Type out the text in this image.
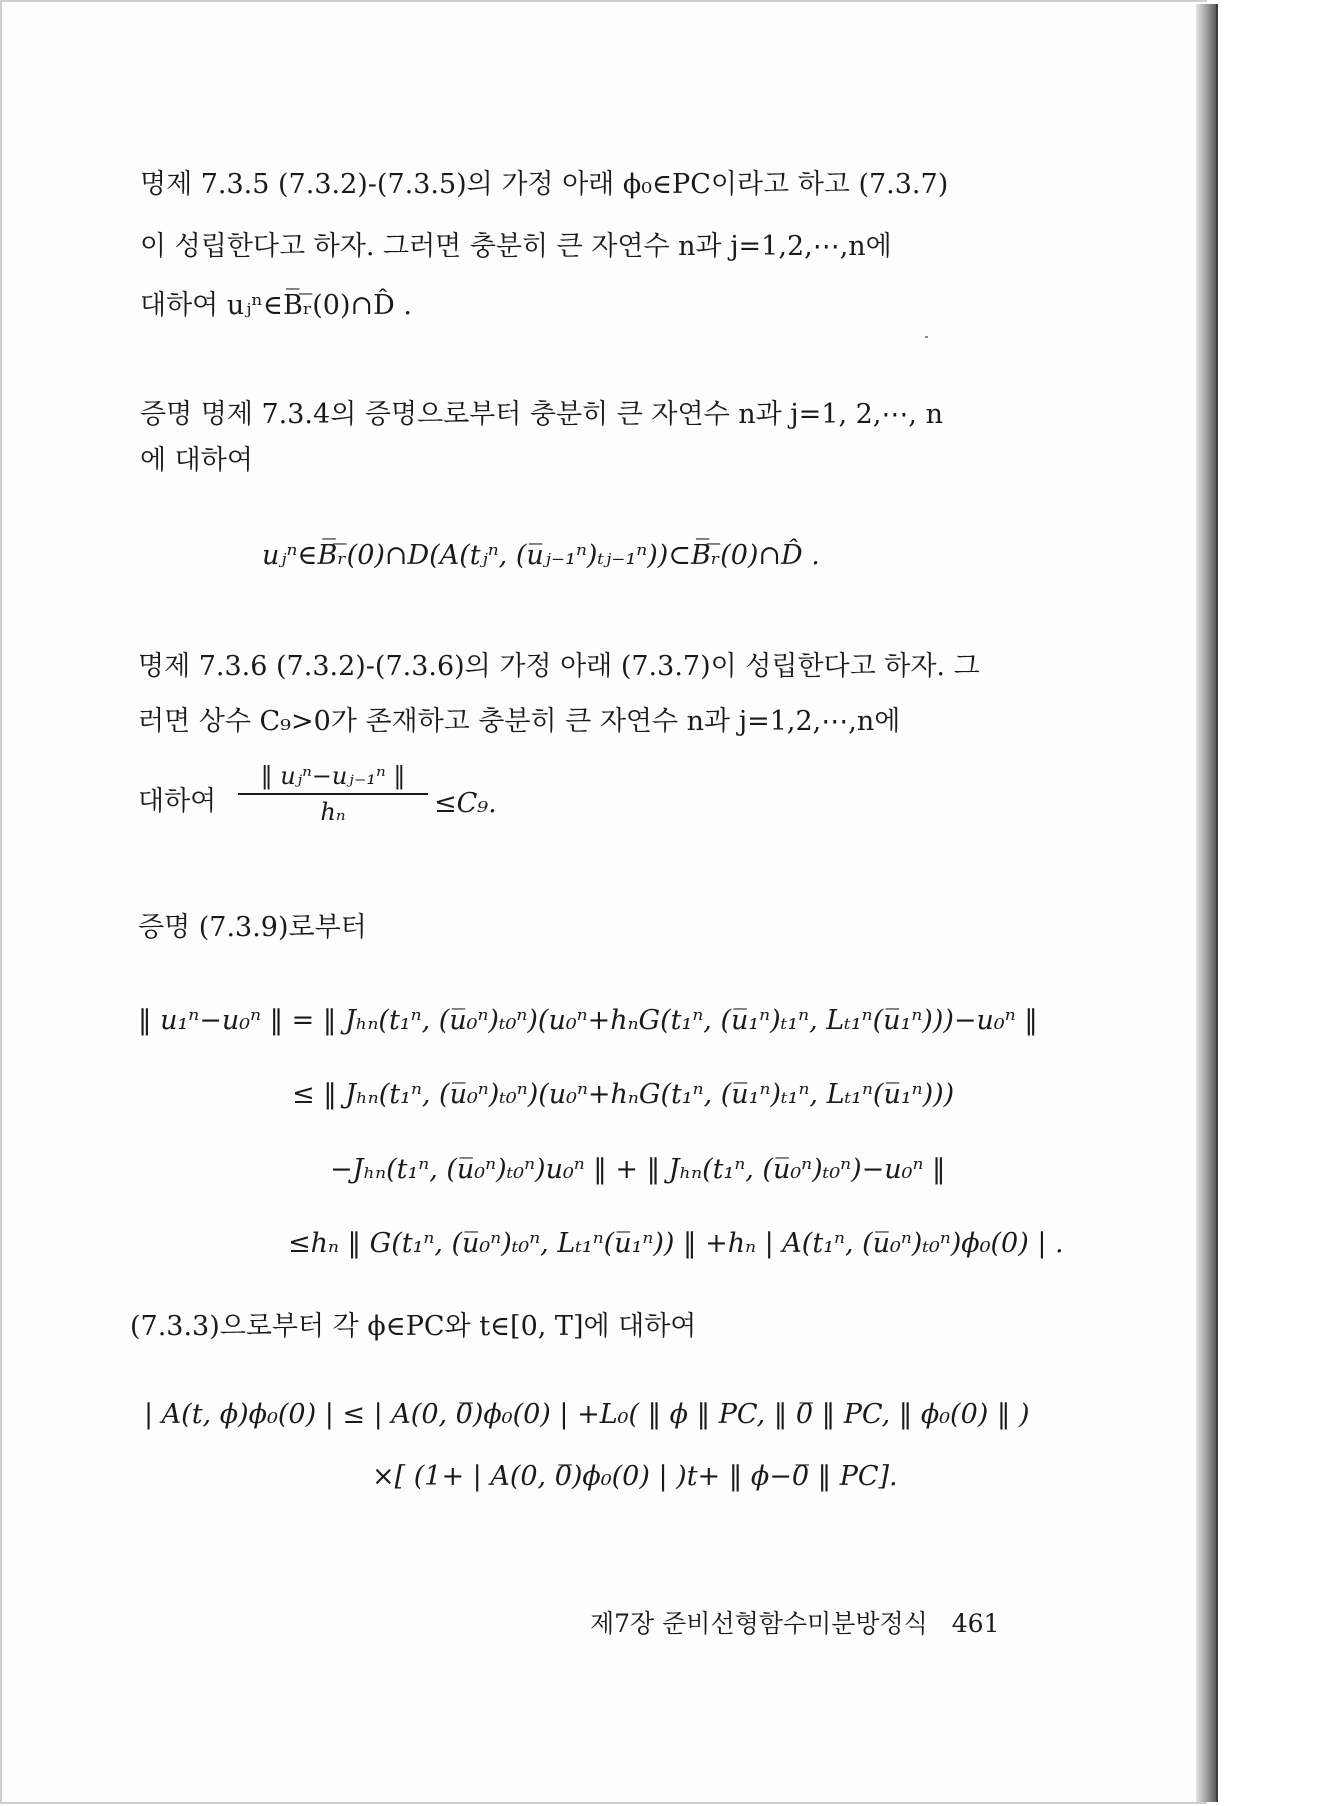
명제 7.3.5 (7.3.2)-(7.3.5)의 가정 아래 ϕ₀∈PC이라고 하고 (7.3.7)
이 성립한다고 하자. 그러면 충분히 큰 자연수 n과 j=1,2,⋯,n에
대하여 uⱼⁿ∈B̅ᵣ̅(0)∩D̂ .
증명 명제 7.3.4의 증명으로부터 충분히 큰 자연수 n과 j=1, 2,⋯, n
에 대하여
uⱼⁿ∈B̅ᵣ̅(0)∩D(A(tⱼⁿ, (u̅ⱼ₋₁ⁿ)ₜⱼ₋₁ⁿ))⊂B̅ᵣ̅(0)∩D̂ .
명제 7.3.6 (7.3.2)-(7.3.6)의 가정 아래 (7.3.7)이 성립한다고 하자. 그
러면 상수 C₉>0가 존재하고 충분히 큰 자연수 n과 j=1,2,⋯,n에
대하여
‖ uⱼⁿ−uⱼ₋₁ⁿ ‖
hₙ	≤C₉.
증명 (7.3.9)로부터
‖ u₁ⁿ−u₀ⁿ ‖ = ‖ Jₕₙ(t₁ⁿ, (u̅₀ⁿ)ₜ₀ⁿ)(u₀ⁿ+hₙG(t₁ⁿ, (u̅₁ⁿ)ₜ₁ⁿ, Lₜ₁ⁿ(u̅₁ⁿ)))−u₀ⁿ ‖
≤ ‖ Jₕₙ(t₁ⁿ, (u̅₀ⁿ)ₜ₀ⁿ)(u₀ⁿ+hₙG(t₁ⁿ, (u̅₁ⁿ)ₜ₁ⁿ, Lₜ₁ⁿ(u̅₁ⁿ)))
−Jₕₙ(t₁ⁿ, (u̅₀ⁿ)ₜ₀ⁿ)u₀ⁿ ‖ + ‖ Jₕₙ(t₁ⁿ, (u̅₀ⁿ)ₜ₀ⁿ)−u₀ⁿ ‖
≤hₙ ‖ G(t₁ⁿ, (u̅₀ⁿ)ₜ₀ⁿ, Lₜ₁ⁿ(u̅₁ⁿ)) ‖ +hₙ | A(t₁ⁿ, (u̅₀ⁿ)ₜ₀ⁿ)ϕ₀(0) | .
(7.3.3)으로부터 각 ϕ∈PC와 t∈[0, T]에 대하여
| A(t, ϕ)ϕ₀(0) | ≤ | A(0, 0̅)ϕ₀(0) | +L₀( ‖ ϕ ‖ PC, ‖ 0̅ ‖ PC, ‖ ϕ₀(0) ‖ )
×[ (1+ | A(0, 0̅)ϕ₀(0) | )t+ ‖ ϕ−0̅ ‖ PC].
제7장 준비선형함수미분방정식 461
